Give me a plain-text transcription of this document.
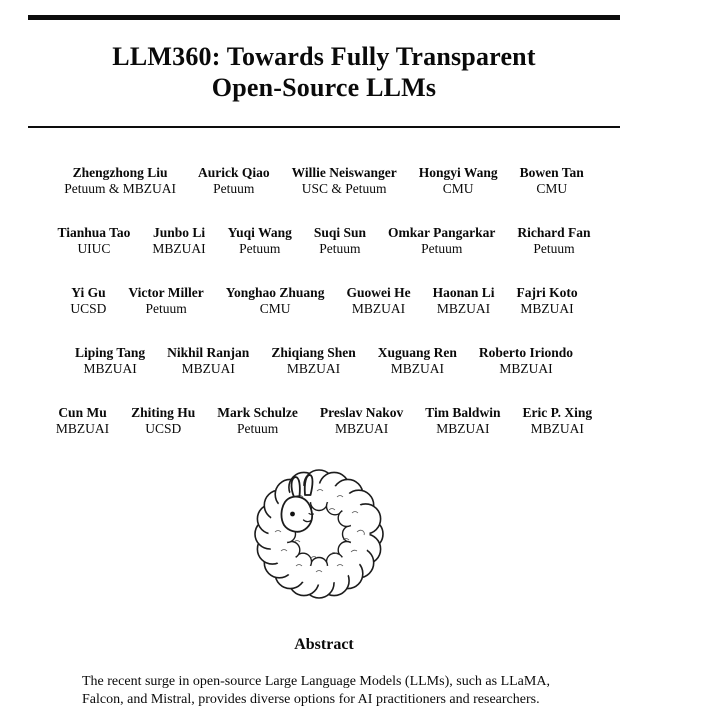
LLM360: Towards Fully Transparent
Open-Source LLMs
Zhengzhong Liu
Petuum & MBZUAI
Aurick Qiao
Petuum
Willie Neiswanger
USC & Petuum
Hongyi Wang
CMU
Bowen Tan
CMU
Tianhua Tao
UIUC
Junbo Li
MBZUAI
Yuqi Wang
Petuum
Suqi Sun
Petuum
Omkar Pangarkar
Petuum
Richard Fan
Petuum
Yi Gu
UCSD
Victor Miller
Petuum
Yonghao Zhuang
CMU
Guowei He
MBZUAI
Haonan Li
MBZUAI
Fajri Koto
MBZUAI
Liping Tang
MBZUAI
Nikhil Ranjan
MBZUAI
Zhiqiang Shen
MBZUAI
Xuguang Ren
MBZUAI
Roberto Iriondo
MBZUAI
Cun Mu
MBZUAI
Zhiting Hu
UCSD
Mark Schulze
Petuum
Preslav Nakov
MBZUAI
Tim Baldwin
MBZUAI
Eric P. Xing
MBZUAI
Abstract
The recent surge in open-source Large Language Models (LLMs), such as LLaMA,
Falcon, and Mistral, provides diverse options for AI practitioners and researchers.
